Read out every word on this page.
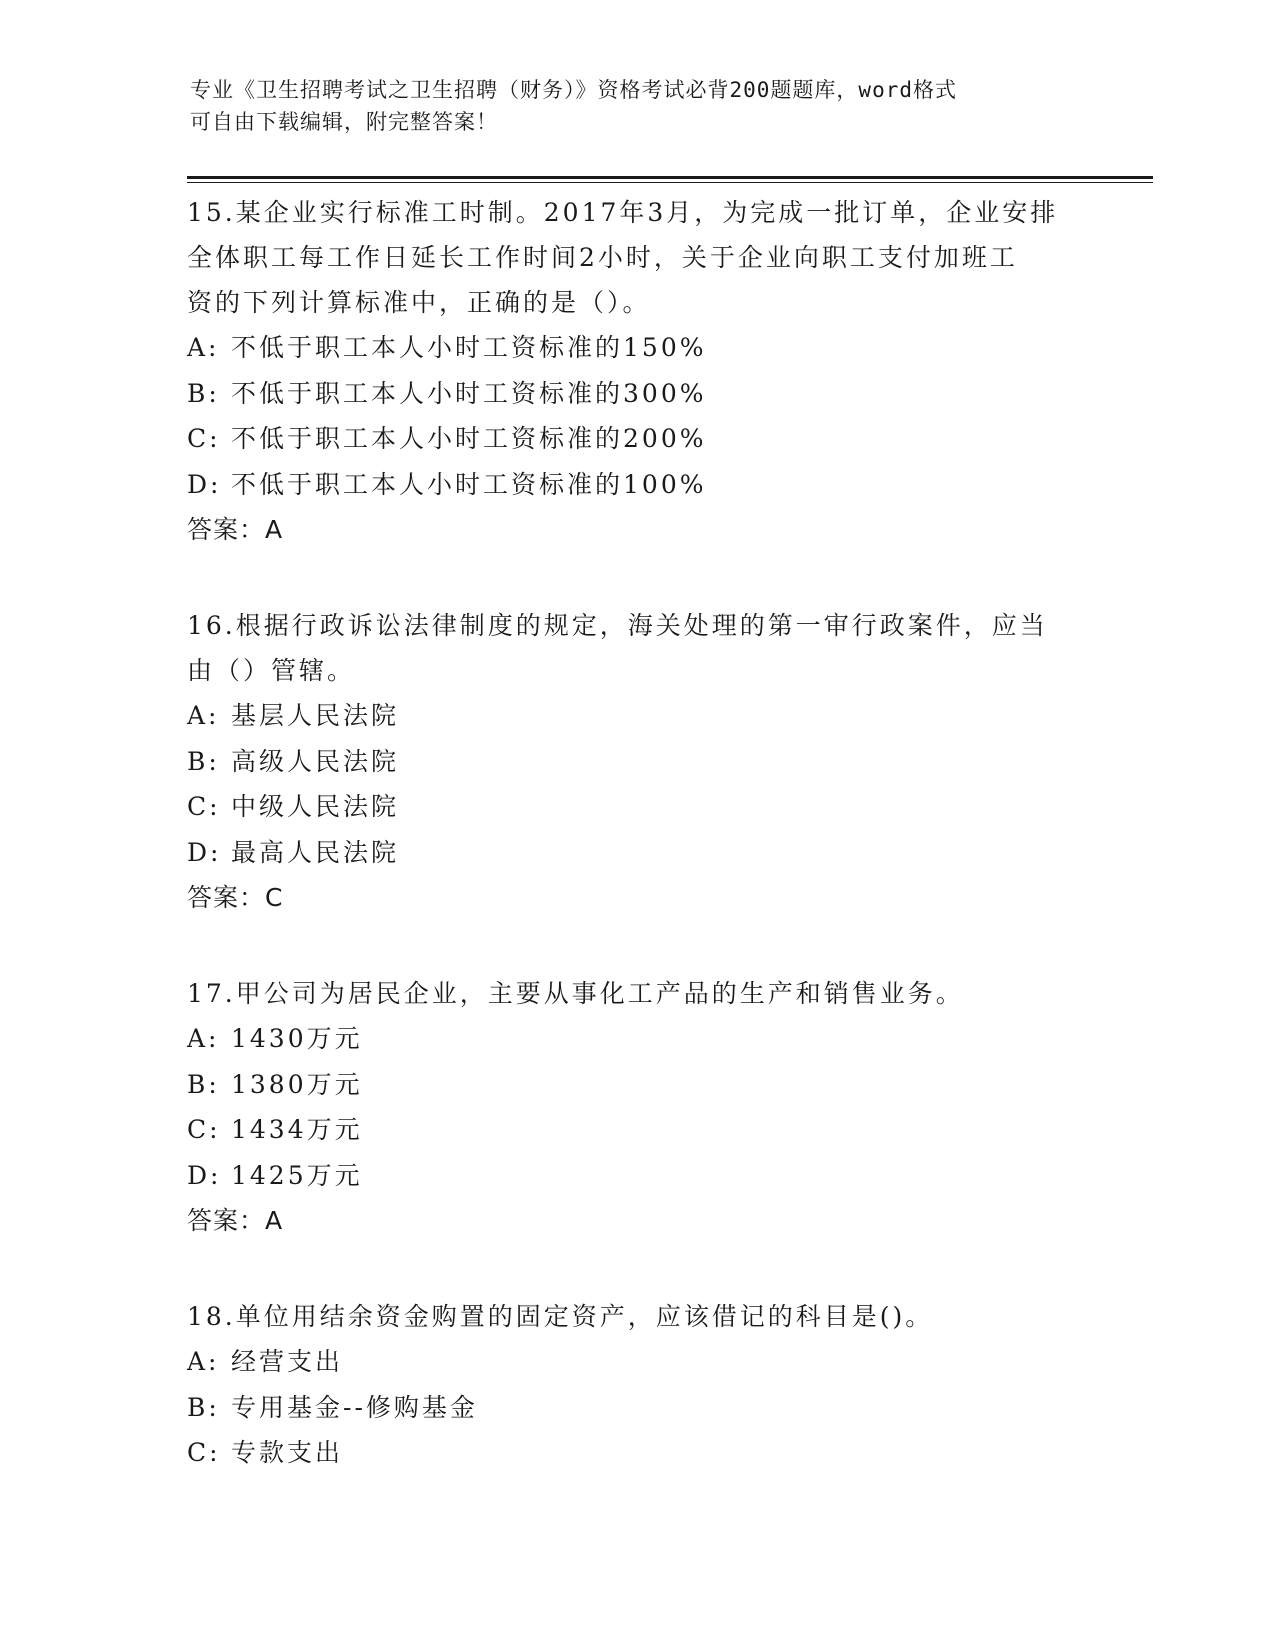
专业《卫生招聘考试之卫生招聘（财务）》资格考试必背200题题库，word格式
可自由下载编辑，附完整答案！

15.某企业实行标准工时制。2017年3月，为完成一批订单，企业安排

全体职工每工作日延长工作时间2小时，关于企业向职工支付加班工

资的下列计算标准中，正确的是（）。

A: 不低于职工本人小时工资标准的150%

B: 不低于职工本人小时工资标准的300%

C: 不低于职工本人小时工资标准的200%

D: 不低于职工本人小时工资标准的100%

答案：A

16.根据行政诉讼法律制度的规定，海关处理的第一审行政案件，应当

由（）管辖。

A: 基层人民法院

B: 高级人民法院

C: 中级人民法院

D: 最高人民法院

答案：C

17.甲公司为居民企业，主要从事化工产品的生产和销售业务。

A: 1430万元

B: 1380万元

C: 1434万元

D: 1425万元

答案：A

18.单位用结余资金购置的固定资产，应该借记的科目是()。

A: 经营支出

B: 专用基金--修购基金

C: 专款支出
